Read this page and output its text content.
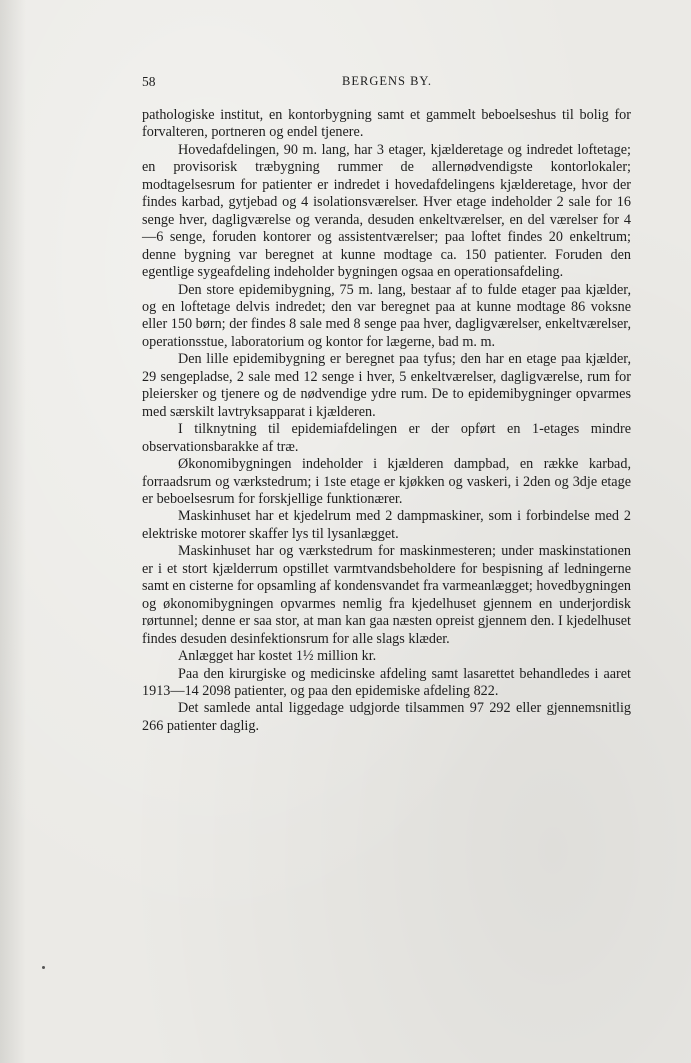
58	BERGENS BY.

pathologiske institut, en kontorbygning samt et gammelt beboelseshus til bolig for forvalteren, portneren og endel tjenere.

Hovedafdelingen, 90 m. lang, har 3 etager, kjælderetage og indredet loftetage; en provisorisk træbygning rummer de allernødvendigste kontorlokaler; modtagelsesrum for patienter er indredet i hovedafdelingens kjælderetage, hvor der findes karbad, gytjebad og 4 isolationsværelser. Hver etage indeholder 2 sale for 16 senge hver, dagligværelse og veranda, desuden enkeltværelser, en del værelser for 4—6 senge, foruden kontorer og assistentværelser; paa loftet findes 20 enkeltrum; denne bygning var beregnet at kunne modtage ca. 150 patienter. Foruden den egentlige sygeafdeling indeholder bygningen ogsaa en operationsafdeling.

Den store epidemibygning, 75 m. lang, bestaar af to fulde etager paa kjælder, og en loftetage delvis indredet; den var beregnet paa at kunne modtage 86 voksne eller 150 børn; der findes 8 sale med 8 senge paa hver, dagligværelser, enkeltværelser, operationsstue, laboratorium og kontor for lægerne, bad m. m.

Den lille epidemibygning er beregnet paa tyfus; den har en etage paa kjælder, 29 sengepladse, 2 sale med 12 senge i hver, 5 enkeltværelser, dagligværelse, rum for pleiersker og tjenere og de nødvendige ydre rum. De to epidemibygninger opvarmes med særskilt lavtryksapparat i kjælderen.

I tilknytning til epidemiafdelingen er der opført en 1-etages mindre observationsbarakke af træ.

Økonomibygningen indeholder i kjælderen dampbad, en række karbad, forraadsrum og værkstedrum; i 1ste etage er kjøkken og vaskeri, i 2den og 3dje etage er beboelsesrum for forskjellige funktionærer.

Maskinhuset har et kjedelrum med 2 dampmaskiner, som i forbindelse med 2 elektriske motorer skaffer lys til lysanlægget.

Maskinhuset har og værkstedrum for maskinmesteren; under maskinstationen er i et stort kjælderrum opstillet varmtvandsbeholdere for bespisning af ledningerne samt en cisterne for opsamling af kondensvandet fra varmeanlægget; hovedbygningen og økonomibygningen opvarmes nemlig fra kjedelhuset gjennem en underjordisk rørtunnel; denne er saa stor, at man kan gaa næsten opreist gjennem den. I kjedelhuset findes desuden desinfektionsrum for alle slags klæder.

Anlægget har kostet 1½ million kr.

Paa den kirurgiske og medicinske afdeling samt lasarettet behandledes i aaret 1913—14 2098 patienter, og paa den epidemiske afdeling 822.

Det samlede antal liggedage udgjorde tilsammen 97 292 eller gjennemsnitlig 266 patienter daglig.
